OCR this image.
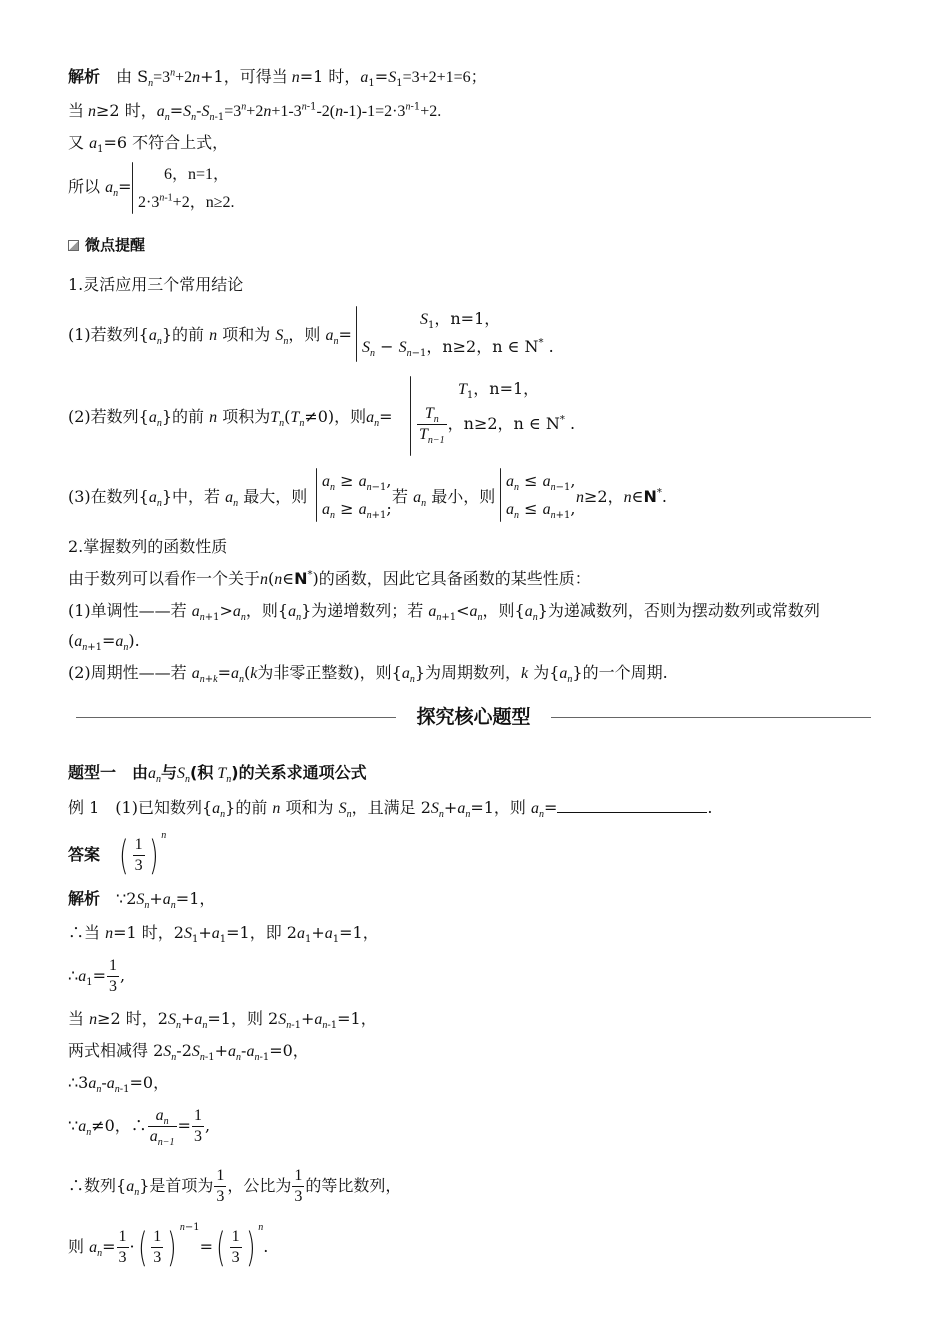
解析 由 $S_n=3^n+2n+1$，可得当 n=1 时，$a_1=S_1=3+2+1=6$；
当 n≥2 时，$a_n=S_n-S_{n-1}=3^n+2n+1-3^{n-1}-2(n-1)-1=2\cdot 3^{n-1}+2$.
又 $a_1=6$ 不符合上式，
所以 $a_n=$
6，n=1，
$2\cdot 3^{n-1}+2$，n≥2.
微点提醒
1.灵活应用三个常用结论
(1)若数列$\{a_n\}$的前 n 项和为 $S_n$，则 $a_n=$
$S_1$，n=1，
$S_n - S_{n-1}$，n≥2，n ∈ N* .
(2)若数列$\{a_n\}$的前 n 项积为$T_n(T_n\ne 0)$，则$a_n=$
$T_1$，n=1，
$\frac{T_n}{T_{n-1}}$ ，n≥2，n ∈ N* .
(3)在数列$\{a_n\}$中，若 $a_n$ 最大，则
$a_n \ge a_{n-1}$,
$a_n \ge a_{n+1}$;
若 $a_n$ 最小，则
$a_n \le a_{n-1}$,
$a_n \le a_{n+1}$,
n≥2，n∈N*.
2.掌握数列的函数性质
由于数列可以看作一个关于n(n∈N*)的函数，因此它具备函数的某些性质：
(1)单调性——若 $a_{n+1}>a_n$，则$\{a_n\}$为递增数列；若 $a_{n+1}<a_n$，则$\{a_n\}$为递减数列，否则为摆动数列或常数列
$(a_{n+1}=a_n)$.
(2)周期性——若 $a_{n+k}=a_n(k$为非零正整数)，则$\{a_n\}$为周期数列，k 为$\{a_n\}$的一个周期.
探究核心题型
题型一　由$a_n$与$S_n$(积 $T_n$)的关系求通项公式
例 1 (1)已知数列$\{a_n\}$的前 n 项和为 $S_n$，且满足 $2S_n+a_n=1$，则 $a_n=$	.
答案 ( $\frac{1}{3}$ ) $^n$
解析 $\because 2S_n+a_n=1$，
∴当 n=1 时，$2S_1+a_1=1$，即 $2a_1+a_1=1$，
$\therefore a_1= \frac{1}{3}$ ,
当 n≥2 时，$2S_n+a_n=1$，则 $2S_{n-1}+a_{n-1}=1$，
两式相减得 $2S_n-2S_{n-1}+a_n-a_{n-1}=0$，
$\therefore 3a_n-a_{n-1}=0$，
$\because a_n\ne 0$，∴ $\frac{a_n}{a_{n-1}} = \frac{1}{3}$ ,
∴数列$\{a_n\}$是首项为 $\frac{1}{3}$ ，公比为 $\frac{1}{3}$ 的等比数列，
则 $a_n= \frac{1}{3}$ ·( $\frac{1}{3}$ ) $^{n-1}=( \frac{1}{3}$ ) $^n$.
